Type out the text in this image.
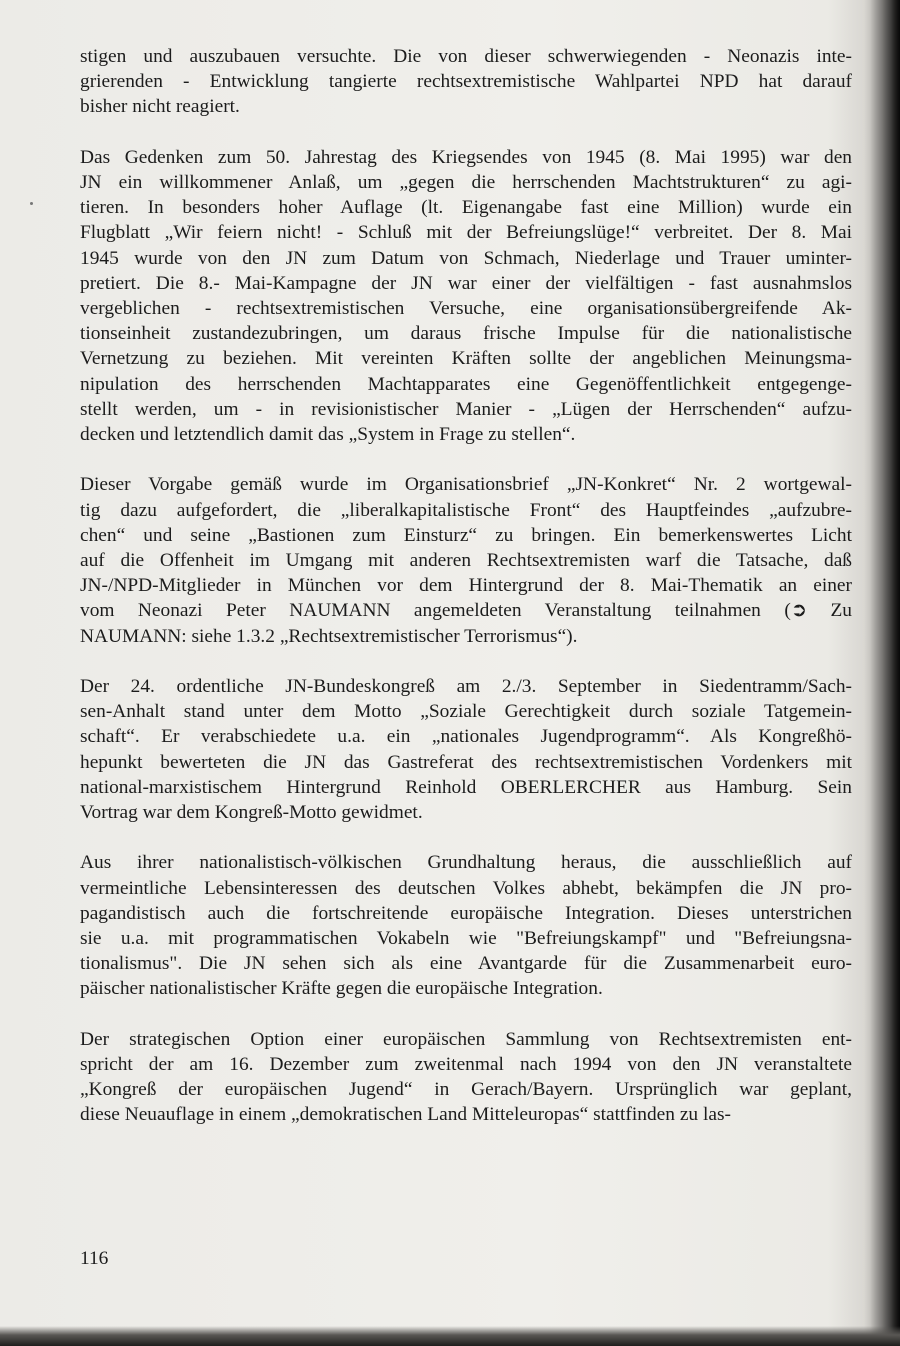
stigen und auszubauen versuchte. Die von dieser schwerwiegenden - Neonazis inte-
grierenden - Entwicklung tangierte rechtsextremistische Wahlpartei NPD hat darauf
bisher nicht reagiert.
Das Gedenken zum 50. Jahrestag des Kriegsendes von 1945 (8. Mai 1995) war den
JN ein willkommener Anlaß, um „gegen die herrschenden Machtstrukturen“ zu agi-
tieren. In besonders hoher Auflage (lt. Eigenangabe fast eine Million) wurde ein
Flugblatt „Wir feiern nicht! - Schluß mit der Befreiungslüge!“ verbreitet. Der 8. Mai
1945 wurde von den JN zum Datum von Schmach, Niederlage und Trauer uminter-
pretiert. Die 8.- Mai-Kampagne der JN war einer der vielfältigen - fast ausnahmslos
vergeblichen - rechtsextremistischen Versuche, eine organisationsübergreifende Ak-
tionseinheit zustandezubringen, um daraus frische Impulse für die nationalistische
Vernetzung zu beziehen. Mit vereinten Kräften sollte der angeblichen Meinungsma-
nipulation des herrschenden Machtapparates eine Gegenöffentlichkeit entgegenge-
stellt werden, um - in revisionistischer Manier - „Lügen der Herrschenden“ aufzu-
decken und letztendlich damit das „System in Frage zu stellen“.
Dieser Vorgabe gemäß wurde im Organisationsbrief „JN-Konkret“ Nr. 2 wortgewal-
tig dazu aufgefordert, die „liberalkapitalistische Front“ des Hauptfeindes „aufzubre-
chen“ und seine „Bastionen zum Einsturz“ zu bringen. Ein bemerkenswertes Licht
auf die Offenheit im Umgang mit anderen Rechtsextremisten warf die Tatsache, daß
JN-/NPD-Mitglieder in München vor dem Hintergrund der 8. Mai-Thematik an einer
vom Neonazi Peter NAUMANN angemeldeten Veranstaltung teilnahmen (➲ Zu
NAUMANN: siehe 1.3.2 „Rechtsextremistischer Terrorismus“).
Der 24. ordentliche JN-Bundeskongreß am 2./3. September in Siedentramm/Sach-
sen-Anhalt stand unter dem Motto „Soziale Gerechtigkeit durch soziale Tatgemein-
schaft“. Er verabschiedete u.a. ein „nationales Jugendprogramm“. Als Kongreßhö-
hepunkt bewerteten die JN das Gastreferat des rechtsextremistischen Vordenkers mit
national-marxistischem Hintergrund Reinhold OBERLERCHER aus Hamburg. Sein
Vortrag war dem Kongreß-Motto gewidmet.
Aus ihrer nationalistisch-völkischen Grundhaltung heraus, die ausschließlich auf
vermeintliche Lebensinteressen des deutschen Volkes abhebt, bekämpfen die JN pro-
pagandistisch auch die fortschreitende europäische Integration. Dieses unterstrichen
sie u.a. mit programmatischen Vokabeln wie "Befreiungskampf" und "Befreiungsna-
tionalismus". Die JN sehen sich als eine Avantgarde für die Zusammenarbeit euro-
päischer nationalistischer Kräfte gegen die europäische Integration.
Der strategischen Option einer europäischen Sammlung von Rechtsextremisten ent-
spricht der am 16. Dezember zum zweitenmal nach 1994 von den JN veranstaltete
„Kongreß der europäischen Jugend“ in Gerach/Bayern. Ursprünglich war geplant,
diese Neuauflage in einem „demokratischen Land Mitteleuropas“ stattfinden zu las-
116
